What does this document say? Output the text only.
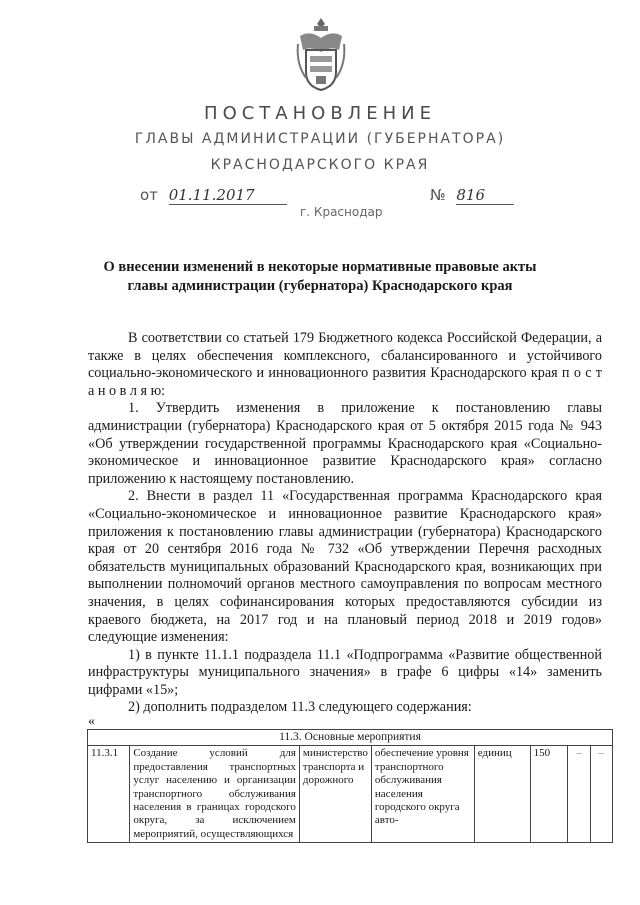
ПОСТАНОВЛЕНИЕ
ГЛАВЫ АДМИНИСТРАЦИИ (ГУБЕРНАТОРА)
КРАСНОДАРСКОГО КРАЯ
от 01.11.2017	№ 816
г. Краснодар
О внесении изменений в некоторые нормативные правовые акты
главы администрации (губернатора) Краснодарского края

В соответствии со статьей 179 Бюджетного кодекса Российской Федерации, а также в целях обеспечения комплексного, сбалансированного и устойчивого социально-экономического и инновационного развития Краснодарского края п о с т а н о в л я ю:

1. Утвердить изменения в приложение к постановлению главы администрации (губернатора) Краснодарского края от 5 октября 2015 года № 943 «Об утверждении государственной программы Краснодарского края «Социально-экономическое и инновационное развитие Краснодарского края» согласно приложению к настоящему постановлению.

2. Внести в раздел 11 «Государственная программа Краснодарского края «Социально-экономическое и инновационное развитие Краснодарского края» приложения к постановлению главы администрации (губернатора) Краснодарского края от 20 сентября 2016 года № 732 «Об утверждении Перечня расходных обязательств муниципальных образований Краснодарского края, возникающих при выполнении полномочий органов местного самоуправления по вопросам местного значения, в целях софинансирования которых предоставляются субсидии из краевого бюджета, на 2017 год и на плановый период 2018 и 2019 годов» следующие изменения:

1) в пункте 11.1.1 подраздела 11.1 «Подпрограмма «Развитие общественной инфраструктуры муниципального значения» в графе 6 цифры «14» заменить цифрами «15»;

2) дополнить подразделом 11.3 следующего содержания:

«
11.3. Основные мероприятия
11.3.1	Создание условий для предоставления транспортных услуг населению и организации транспортного обслуживания населения в границах городского округа, за исключением мероприятий, осуществляющихся	министерство транспорта и дорожного	обеспечение уровня транспортного обслуживания населения городского округа авто-	единиц	150	–	–
